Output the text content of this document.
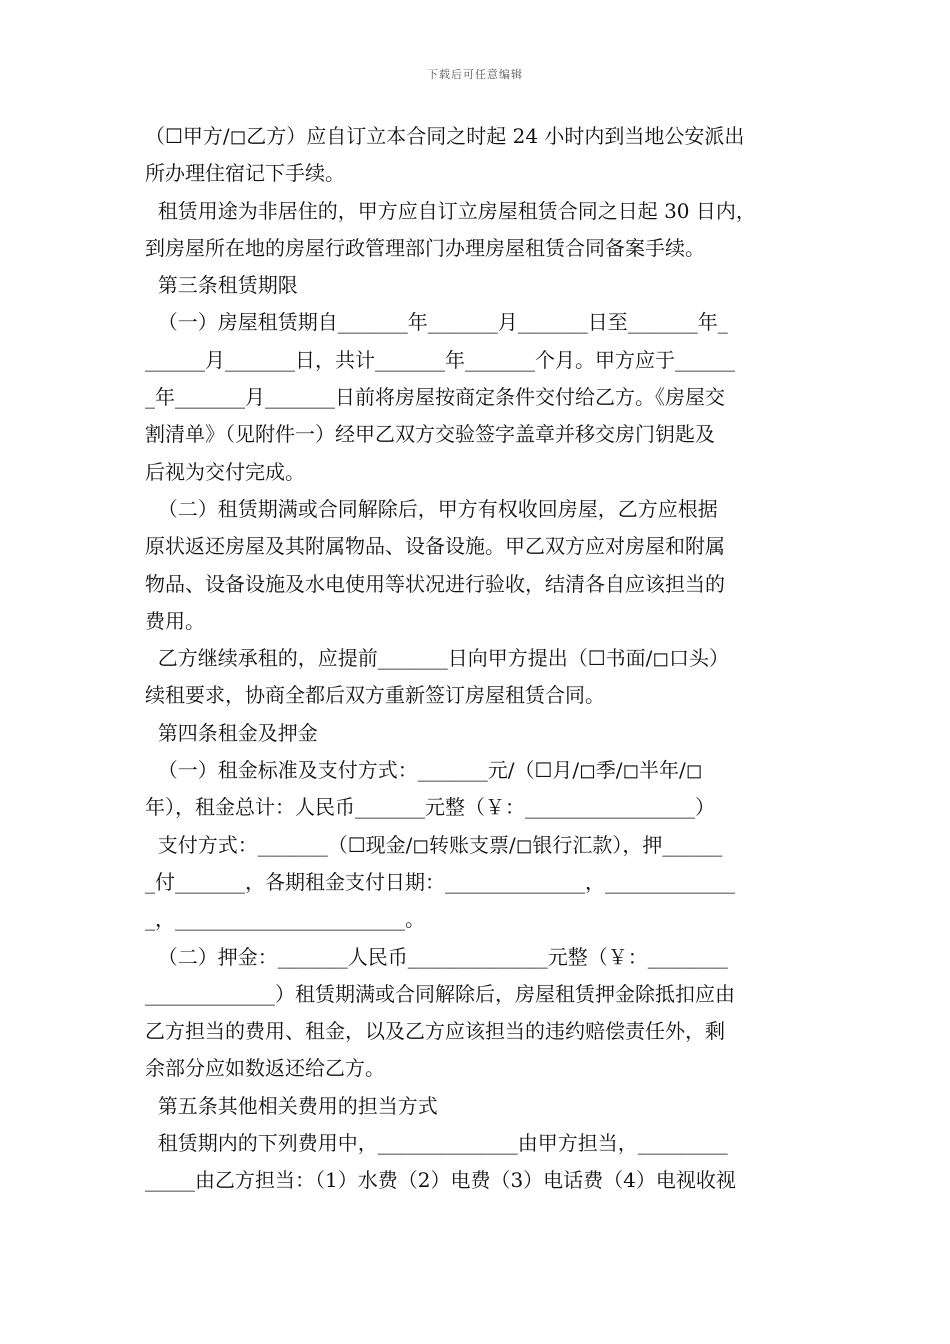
下载后可任意编辑
（☐甲方/◻乙方）应自订立本合同之时起 24 小时内到当地公安派出
所办理住宿记下手续。
租赁用途为非居住的，甲方应自订立房屋租赁合同之日起 30 日内，
到房屋所在地的房屋行政管理部门办理房屋租赁合同备案手续。
第三条租赁期限
（一）房屋租赁期自_______年_______月_______日至_______年_
______月_______日，共计_______年_______个月。甲方应于______
_年_______月_______日前将房屋按商定条件交付给乙方。《房屋交
割清单》（见附件一）经甲乙双方交验签字盖章并移交房门钥匙及
后视为交付完成。
（二）租赁期满或合同解除后，甲方有权收回房屋，乙方应根据
原状返还房屋及其附属物品、设备设施。甲乙双方应对房屋和附属
物品、设备设施及水电使用等状况进行验收，结清各自应该担当的
费用。
乙方继续承租的，应提前_______日向甲方提出（☐书面/◻口头）
续租要求，协商全都后双方重新签订房屋租赁合同。
第四条租金及押金
（一）租金标准及支付方式：_______元/（☐月/◻季/◻半年/◻
年），租金总计：人民币_______元整（￥：_________________）
支付方式：_______（☐现金/◻转账支票/◻银行汇款），押______
_付_______，各期租金支付日期：______________，_____________
_，_______________________。
（二）押金：_______人民币______________元整（￥：________
_____________）租赁期满或合同解除后，房屋租赁押金除抵扣应由
乙方担当的费用、租金，以及乙方应该担当的违约赔偿责任外，剩
余部分应如数返还给乙方。
第五条其他相关费用的担当方式
租赁期内的下列费用中，______________由甲方担当，_________
_____由乙方担当：（1）水费（2）电费（3）电话费（4）电视收视
